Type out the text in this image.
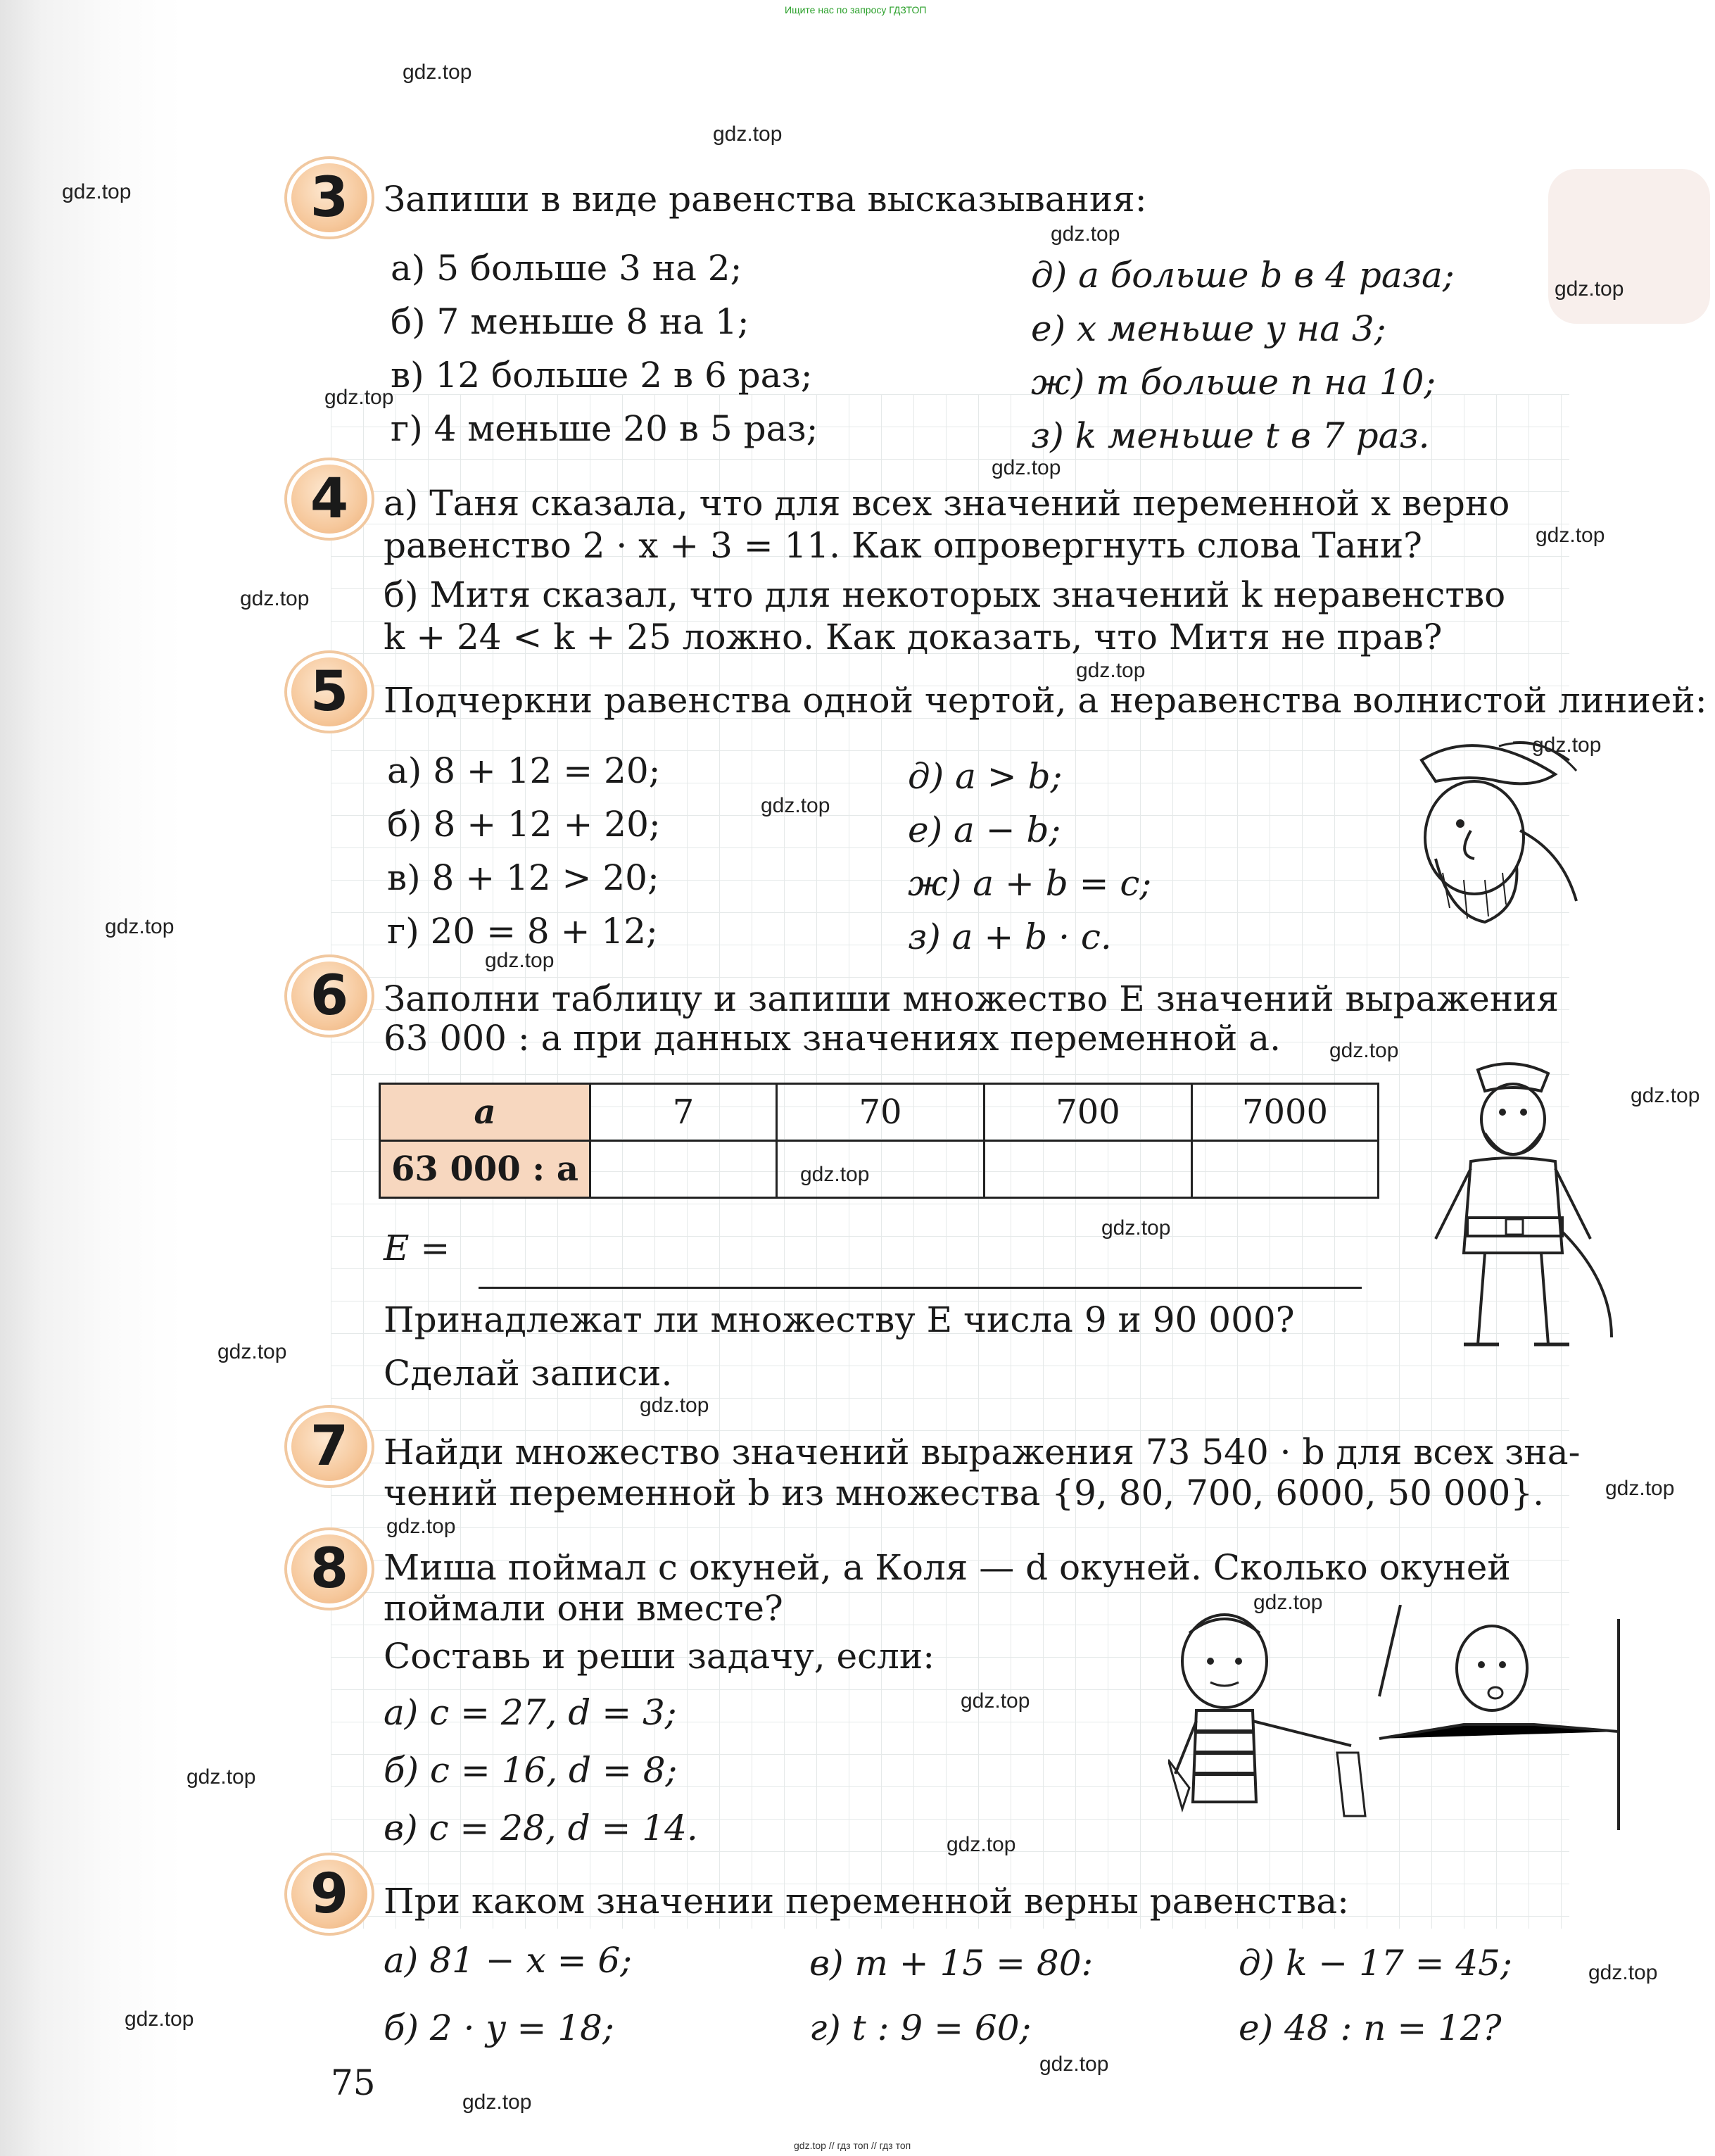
Ищите нас по запросу ГДЗТОП
gdz.top // гдз топ // гдз топ
gdz.top
gdz.top
gdz.top
gdz.top
gdz.top
gdz.top
gdz.top
gdz.top
gdz.top
gdz.top
gdz.top
gdz.top
gdz.top
gdz.top
gdz.top
gdz.top
gdz.top
gdz.top
gdz.top
gdz.top
gdz.top
gdz.top
gdz.top
gdz.top
gdz.top
gdz.top
gdz.top
gdz.top
gdz.top
gdz.top
3 Запиши в виде равенства высказывания:
а) 5 больше 3 на 2;
б) 7 меньше 8 на 1;
в) 12 больше 2 в 6 раз;
г) 4 меньше 20 в 5 раз;
д) a больше b в 4 раза;
е) x меньше y на 3;
ж) m больше n на 10;
з) k меньше t в 7 раз.
4 а) Таня сказала, что для всех значений переменной x верно
равенство 2 · x + 3 = 11. Как опровергнуть слова Тани?
б) Митя сказал, что для некоторых значений k неравенство
k + 24 < k + 25 ложно. Как доказать, что Митя не прав?
5 Подчеркни равенства одной чертой, а неравенства волнистой линией:
а) 8 + 12 = 20;
б) 8 + 12 + 20;
в) 8 + 12 > 20;
г) 20 = 8 + 12;
д) a > b;
е) a − b;
ж) a + b = c;
з) a + b · c.
6 Заполни таблицу и запиши множество E значений выражения
63 000 : a при данных значениях переменной a.
a	7	70	700	7000
63 000 : a				
E =
Принадлежат ли множеству E числа 9 и 90 000?
Сделай записи.
7 Найди множество значений выражения 73 540 · b для всех зна-
чений переменной b из множества {9, 80, 700, 6000, 50 000}.
8 Миша поймал c окуней, а Коля — d окуней. Сколько окуней
поймали они вместе?
Составь и реши задачу, если:
а) c = 27, d = 3;
б) c = 16, d = 8;
в) c = 28, d = 14.
9 При каком значении переменной верны равенства:
а) 81 − x = 6;	в) m + 15 = 80:	д) k − 17 = 45;
б) 2 · y = 18;	г) t : 9 = 60;	е) 48 : n = 12?
75
